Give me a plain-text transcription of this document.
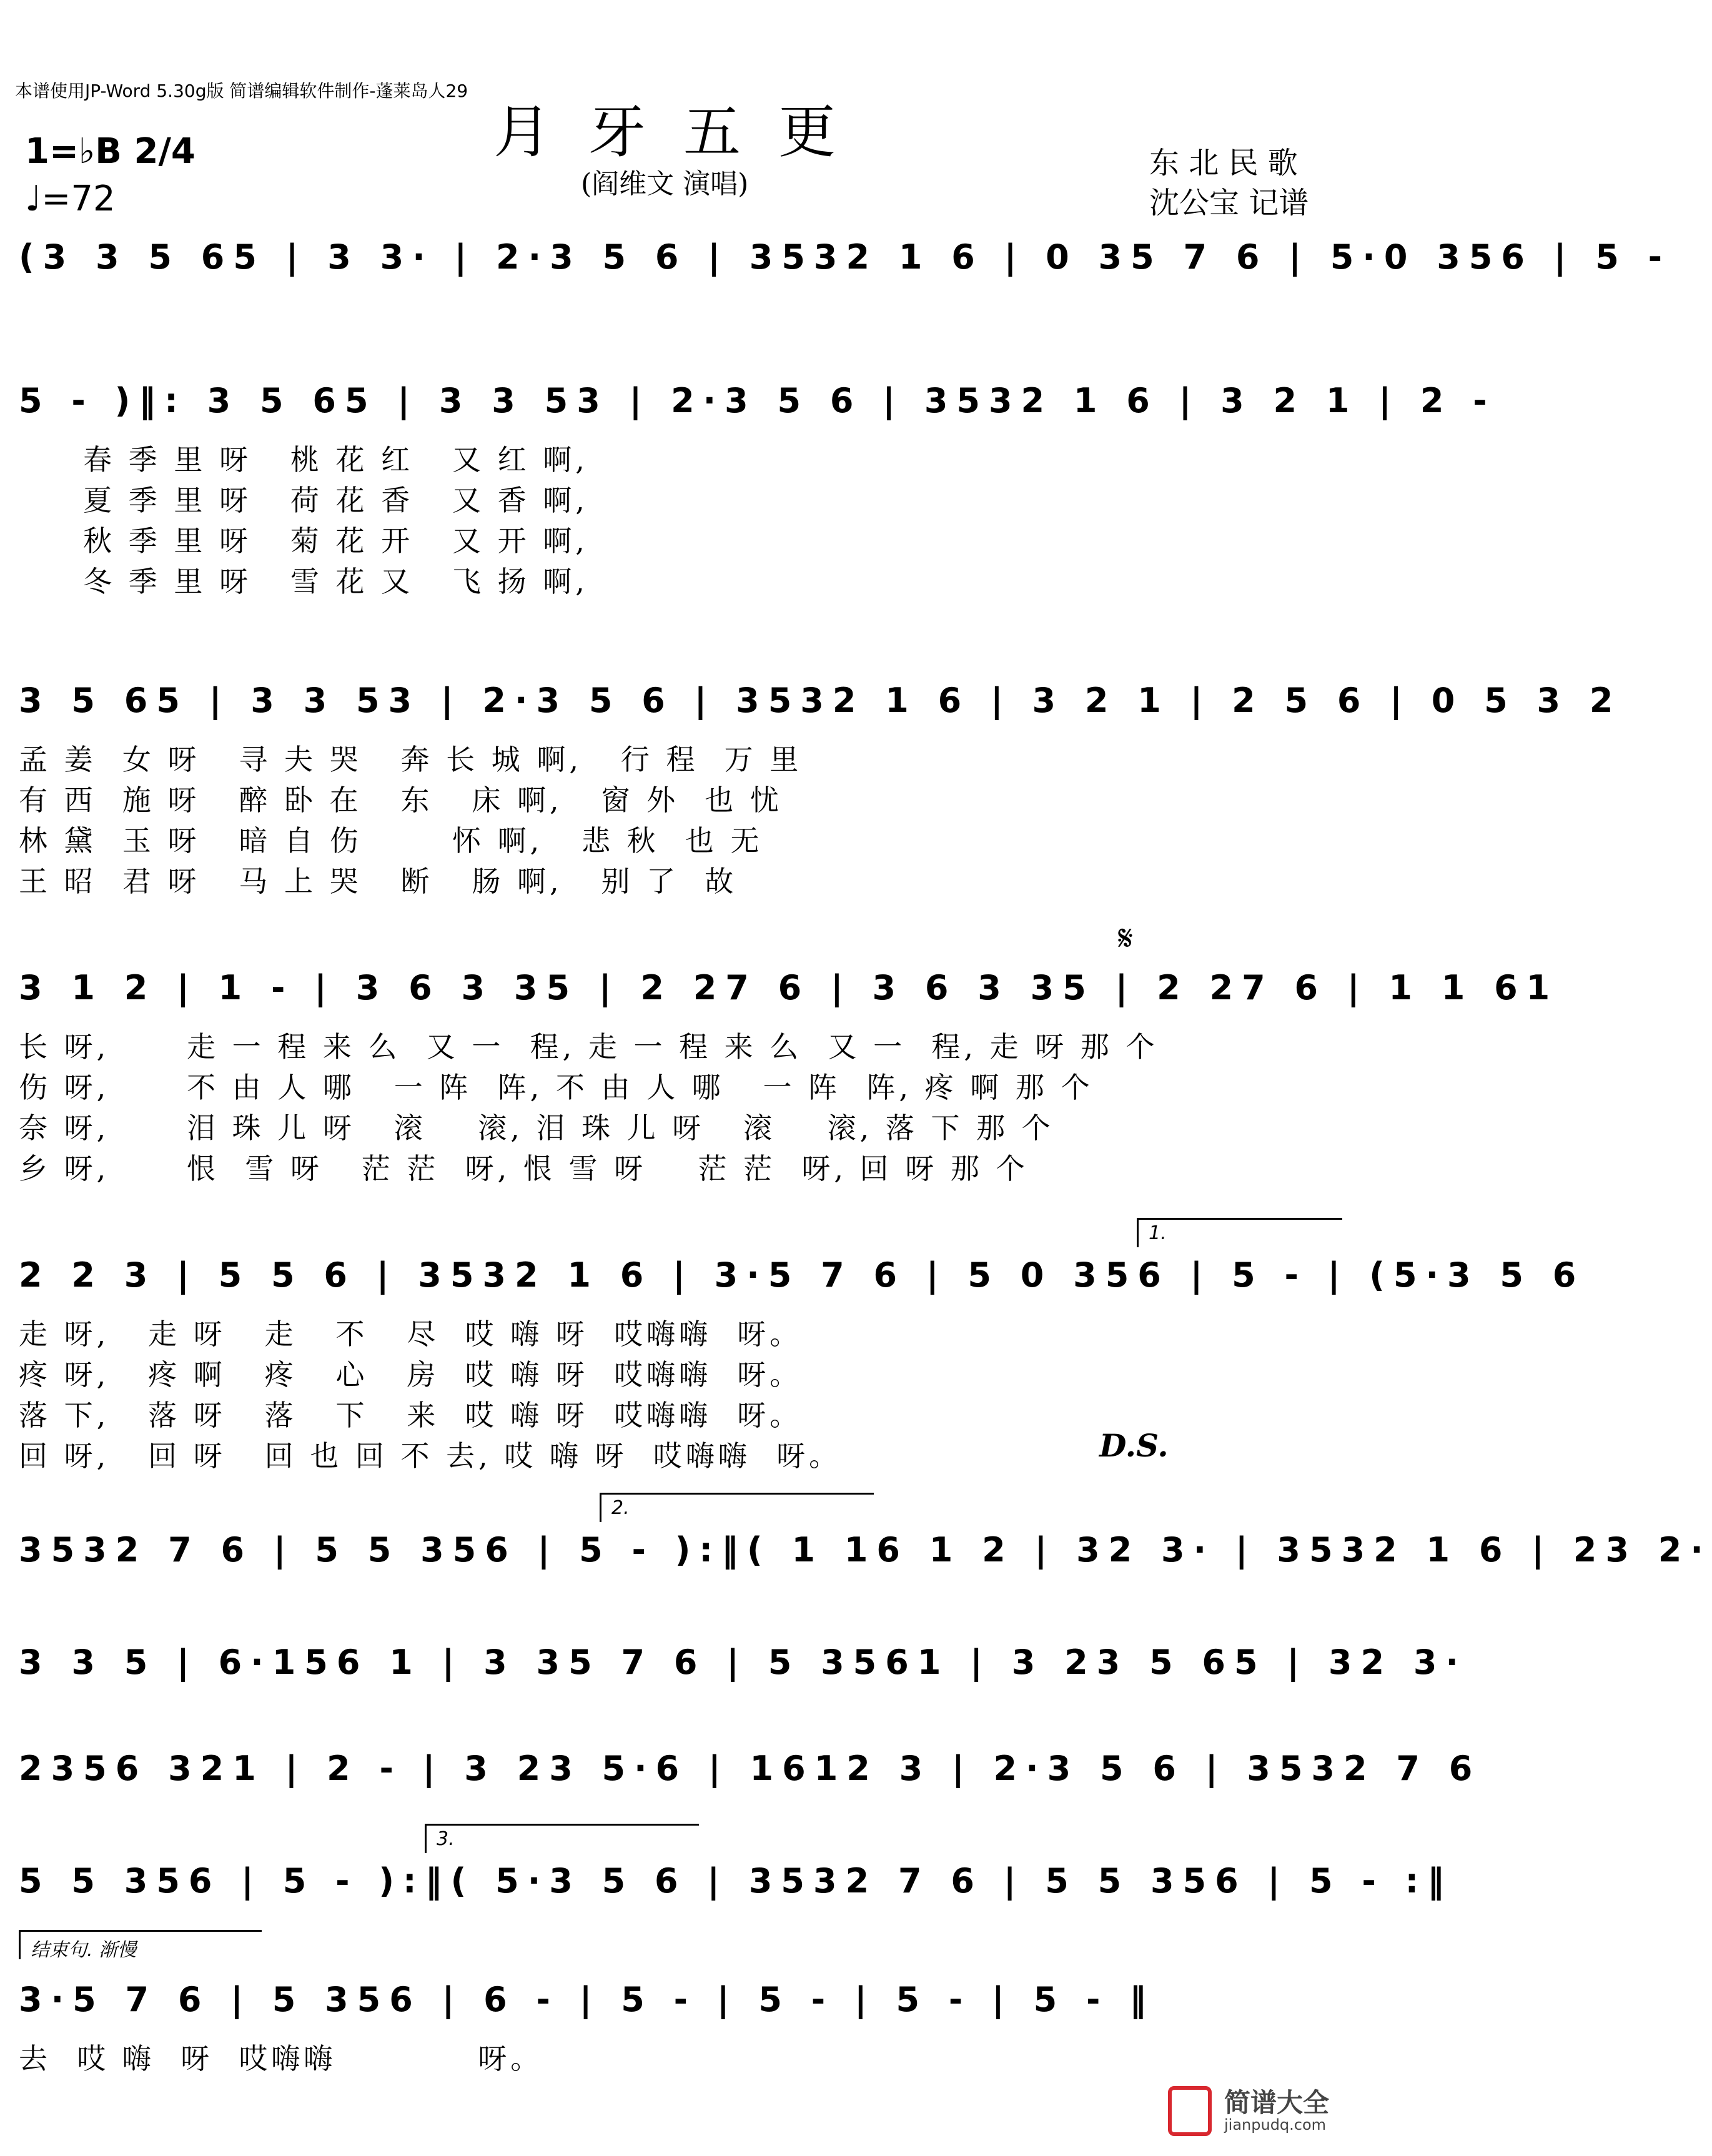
本谱使用JP-Word 5.30g版 简谱编辑软件制作-蓬莱岛人29
1=♭B 2/4
♩=72
月牙五更
(阎维文 演唱)
东 北 民 歌
沈公宝 记谱
(3 3 5 65 | 3 3· | 2·3 5 6 | 3532 1 6 | 0 35 7 6 | 5·0 356 | 5 -
5 - )‖: 3 5 65 | 3 3 53 | 2·3 5 6 | 3532 1 6 | 3 2 1 | 2 -
春 季 里 呀   桃 花 红   又 红 啊,
夏 季 里 呀   荷 花 香   又 香 啊,
秋 季 里 呀   菊 花 开   又 开 啊,
冬 季 里 呀   雪 花 又   飞 扬 啊,
3 5 65 | 3 3 53 | 2·3 5 6 | 3532 1 6 | 3 2 1 | 2 5 6 | 0 5 3 2
孟 姜  女 呀   寻 夫 哭   奔 长 城 啊,   行 程  万 里
有 西  施 呀   醉 卧 在   东   床 啊,   窗 外  也 忧
林 黛  玉 呀   暗 自 伤       怀 啊,   悲 秋  也 无
王 昭  君 呀   马 上 哭   断   肠 啊,   别 了  故
𝄋
3 1 2 | 1 - | 3 6 3 35 | 2 27 6 | 3 6 3 35 | 2 27 6 | 1 1 61
长 呀,      走 一 程 来 么  又 一  程, 走 一 程 来 么  又 一  程, 走 呀 那 个
伤 呀,      不 由 人 哪   一 阵  阵, 不 由 人 哪   一 阵  阵, 疼 啊 那 个
奈 呀,      泪 珠 儿 呀   滚    滚, 泪 珠 儿 呀   滚    滚, 落 下 那 个
乡 呀,      恨  雪 呀   茫 茫  呀, 恨 雪 呀    茫 茫  呀, 回 呀 那 个
1.
2 2 3 | 5 5 6 | 3532 1 6 | 3·5 7 6 | 5 0 356 | 5 - | (5·3 5 6
走 呀,   走 呀   走   不   尽  哎 嗨 呀  哎嗨嗨  呀。
疼 呀,   疼 啊   疼   心   房  哎 嗨 呀  哎嗨嗨  呀。
落 下,   落 呀   落   下   来  哎 嗨 呀  哎嗨嗨  呀。
回 呀,   回 呀   回 也 回 不 去, 哎 嗨 呀  哎嗨嗨  呀。	D.S.
2.
3532 7 6 | 5 5 356 | 5 - ):‖( 1 16 1 2 | 32 3· | 3532 1 6 | 23 2·
3 3 5 | 6·156 1 | 3 35 7 6 | 5 3561 | 3 23 5 65 | 32 3·
2356 321 | 2 - | 3 23 5·6 | 1612 3 | 2·3 5 6 | 3532 7 6
3.
5 5 356 | 5 - ):‖( 5·3 5 6 | 3532 7 6 | 5 5 356 | 5 - :‖
结束句. 渐慢
3·5 7 6 | 5 356 | 6 - | 5 - | 5 - | 5 - | 5 - ‖
去  哎 嗨  呀  哎嗨嗨           呀。
简谱大全
jianpudq.com
